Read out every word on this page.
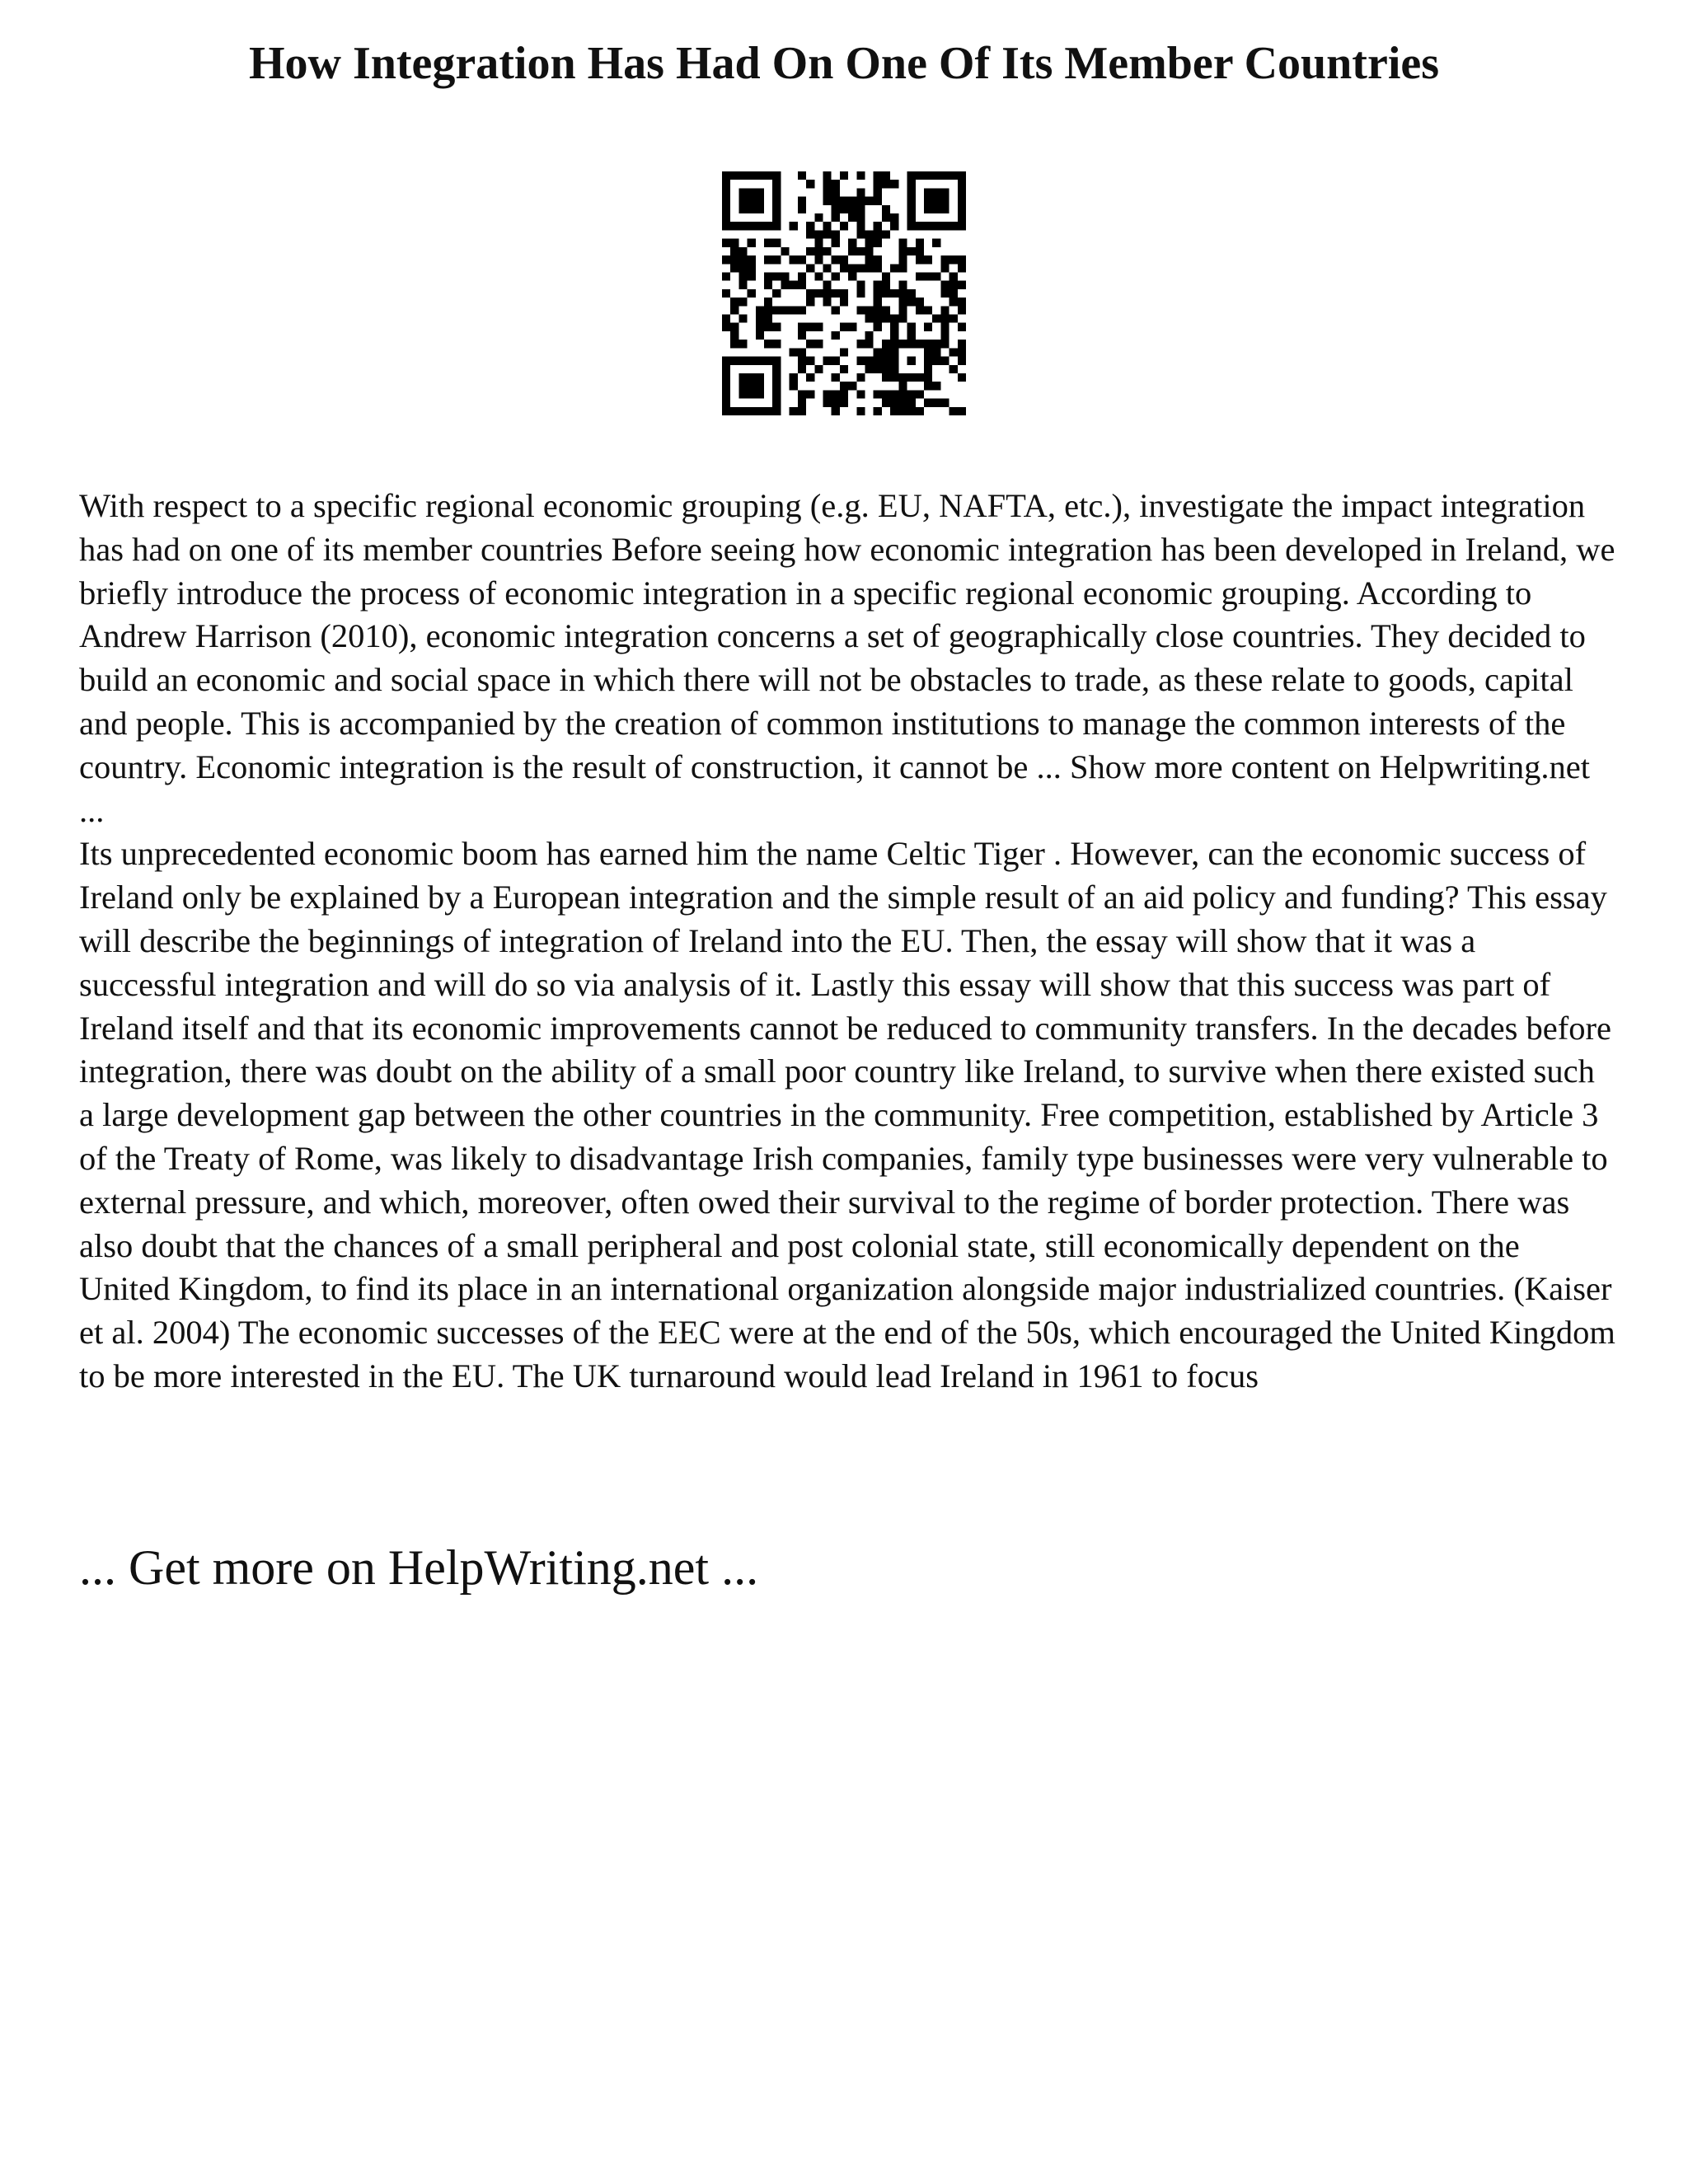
How Integration Has Had On One Of Its Member Countries

With respect to a specific regional economic grouping (e.g. EU, NAFTA, etc.), investigate the impact integration has had on one of its member countries Before seeing how economic integration has been developed in Ireland, we briefly introduce the process of economic integration in a specific regional economic grouping. According to Andrew Harrison (2010), economic integration concerns a set of geographically close countries. They decided to build an economic and social space in which there will not be obstacles to trade, as these relate to goods, capital and people. This is accompanied by the creation of common institutions to manage the common interests of the country. Economic integration is the result of construction, it cannot be ... Show more content on Helpwriting.net ...

Its unprecedented economic boom has earned him the name Celtic Tiger . However, can the economic success of Ireland only be explained by a European integration and the simple result of an aid policy and funding? This essay will describe the beginnings of integration of Ireland into the EU. Then, the essay will show that it was a successful integration and will do so via analysis of it. Lastly this essay will show that this success was part of Ireland itself and that its economic improvements cannot be reduced to community transfers. In the decades before integration, there was doubt on the ability of a small poor country like Ireland, to survive when there existed such a large development gap between the other countries in the community. Free competition, established by Article 3 of the Treaty of Rome, was likely to disadvantage Irish companies, family type businesses were very vulnerable to external pressure, and which, moreover, often owed their survival to the regime of border protection. There was also doubt that the chances of a small peripheral and post colonial state, still economically dependent on the United Kingdom, to find its place in an international organization alongside major industrialized countries. (Kaiser et al. 2004) The economic successes of the EEC were at the end of the 50s, which encouraged the United Kingdom to be more interested in the EU. The UK turnaround would lead Ireland in 1961 to focus

... Get more on HelpWriting.net ...
